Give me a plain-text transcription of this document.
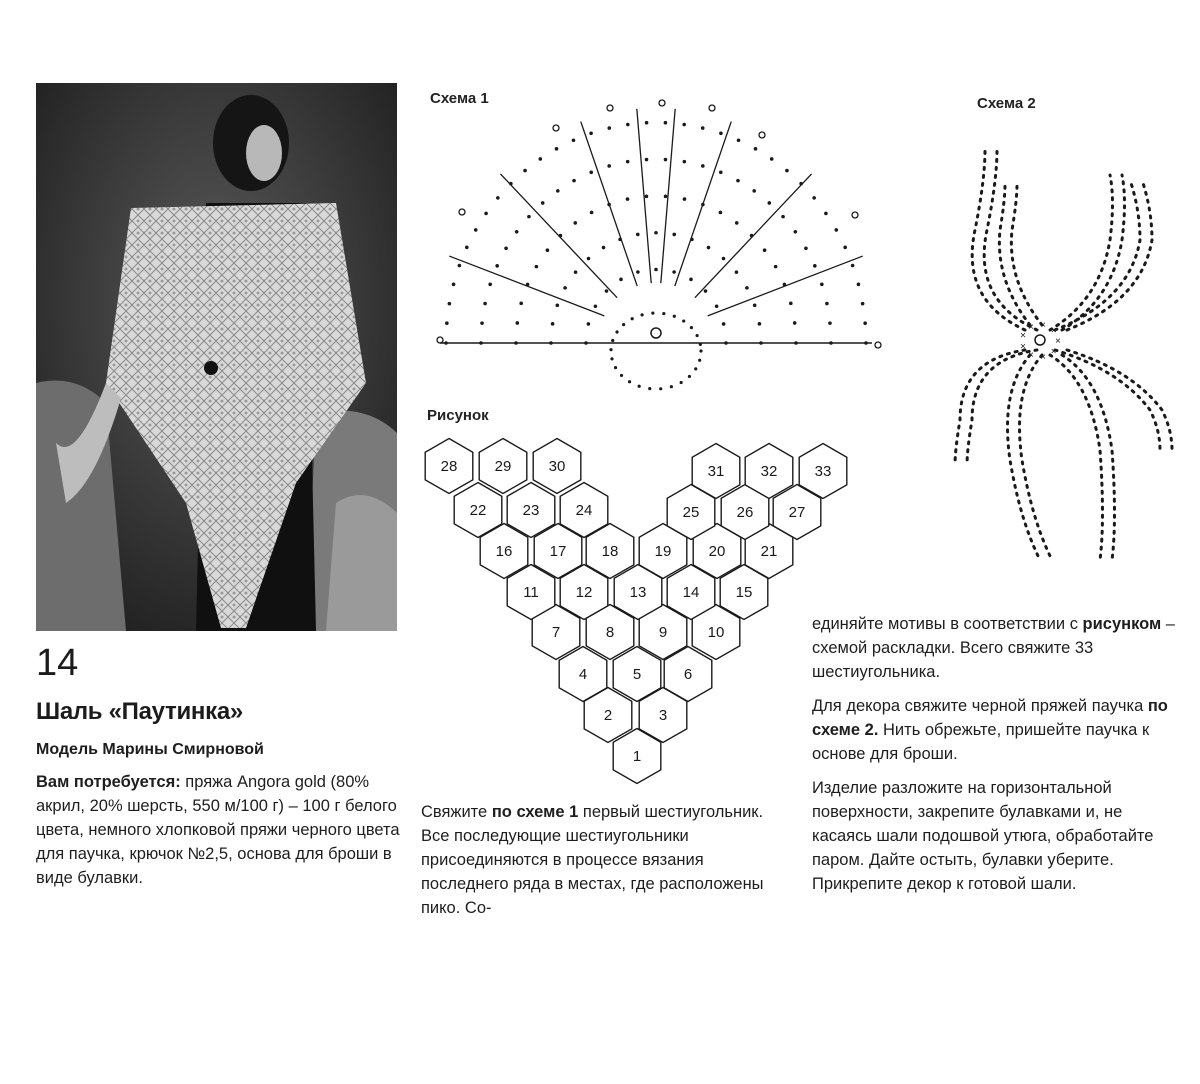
Схема 1	Схема 2
Рисунок
×
×
×
×
×
×
× × ×
1
2	3
4	5	6
7	8	9	10
11 12 13 14 15
16 17 18 19 20 21
22 23 24	25 26 27
28 29 30	31 32 33
14
Шаль «Паутинка»
Модель Марины Смирновой
Вам потребуется: пряжа Angora gold (80% акрил, 20% шерсть, 550 м/100 г) – 100 г белого цвета, немного хлопковой пряжи черного цвета для паучка, крючок №2,5, основа для броши в виде булавки.
Свяжите по схеме 1 первый шестиугольник. Все последующие шестиугольники присоединяются в процессе вязания последнего ряда в местах, где расположены пико. Со-

единяйте мотивы в соответствии с рисунком – схемой раскладки. Всего свяжите 33 шестиугольника.

Для декора свяжите черной пряжей паучка по схеме 2. Нить обрежьте, пришейте паучка к основе для броши.

Изделие разложите на горизонтальной поверхности, закрепите булавками и, не касаясь шали подошвой утюга, обработайте паром. Дайте остыть, булавки уберите. Прикрепите декор к готовой шали.
